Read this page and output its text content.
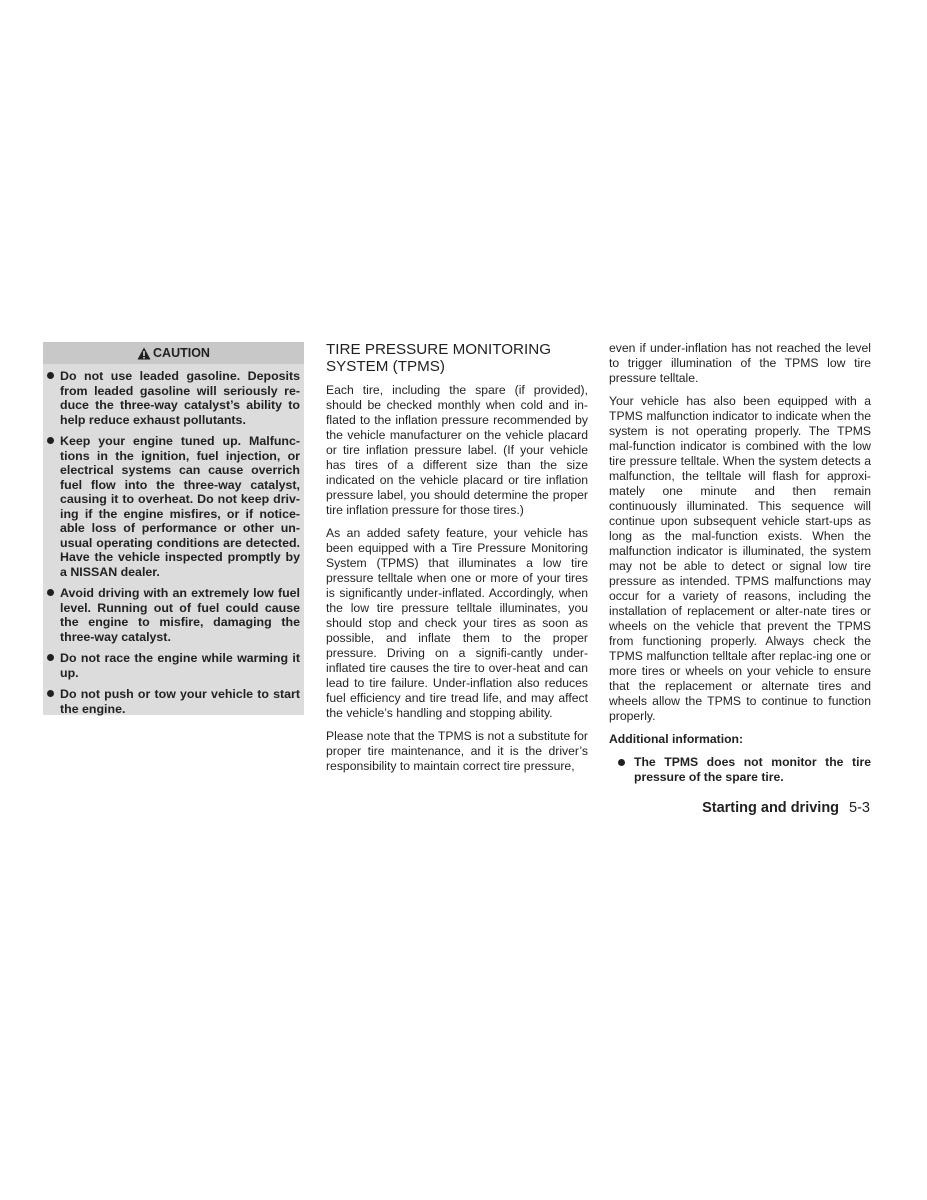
CAUTION
Do not use leaded gasoline. Deposits from leaded gasoline will seriously re-duce the three-way catalyst’s ability to help reduce exhaust pollutants.
Keep your engine tuned up. Malfunc-tions in the ignition, fuel injection, or electrical systems can cause overrich fuel flow into the three-way catalyst, causing it to overheat. Do not keep driv-ing if the engine misfires, or if notice-able loss of performance or other un-usual operating conditions are detected. Have the vehicle inspected promptly by a NISSAN dealer.
Avoid driving with an extremely low fuel level. Running out of fuel could cause the engine to misfire, damaging the three-way catalyst.
Do not race the engine while warming it up.
Do not push or tow your vehicle to start the engine.
TIRE PRESSURE MONITORING SYSTEM (TPMS)

Each tire, including the spare (if provided), should be checked monthly when cold and in-flated to the inflation pressure recommended by the vehicle manufacturer on the vehicle placard or tire inflation pressure label. (If your vehicle has tires of a different size than the size indicated on the vehicle placard or tire inflation pressure label, you should determine the proper tire inflation pressure for those tires.)

As an added safety feature, your vehicle has been equipped with a Tire Pressure Monitoring System (TPMS) that illuminates a low tire pressure telltale when one or more of your tires is significantly under-inflated. Accordingly, when the low tire pressure telltale illuminates, you should stop and check your tires as soon as possible, and inflate them to the proper pressure. Driving on a signifi-cantly under-inflated tire causes the tire to over-heat and can lead to tire failure. Under-inflation also reduces fuel efficiency and tire tread life, and may affect the vehicle’s handling and stopping ability.

Please note that the TPMS is not a substitute for proper tire maintenance, and it is the driver’s responsibility to maintain correct tire pressure,

even if under-inflation has not reached the level to trigger illumination of the TPMS low tire pressure telltale.

Your vehicle has also been equipped with a TPMS malfunction indicator to indicate when the system is not operating properly. The TPMS mal-function indicator is combined with the low tire pressure telltale. When the system detects a malfunction, the telltale will flash for approxi-mately one minute and then remain continuously illuminated. This sequence will continue upon subsequent vehicle start-ups as long as the mal-function exists. When the malfunction indicator is illuminated, the system may not be able to detect or signal low tire pressure as intended. TPMS malfunctions may occur for a variety of reasons, including the installation of replacement or alter-nate tires or wheels on the vehicle that prevent the TPMS from functioning properly. Always check the TPMS malfunction telltale after replac-ing one or more tires or wheels on your vehicle to ensure that the replacement or alternate tires and wheels allow the TPMS to continue to function properly.

Additional information:

The TPMS does not monitor the tire pressure of the spare tire.
Starting and driving 5-3
